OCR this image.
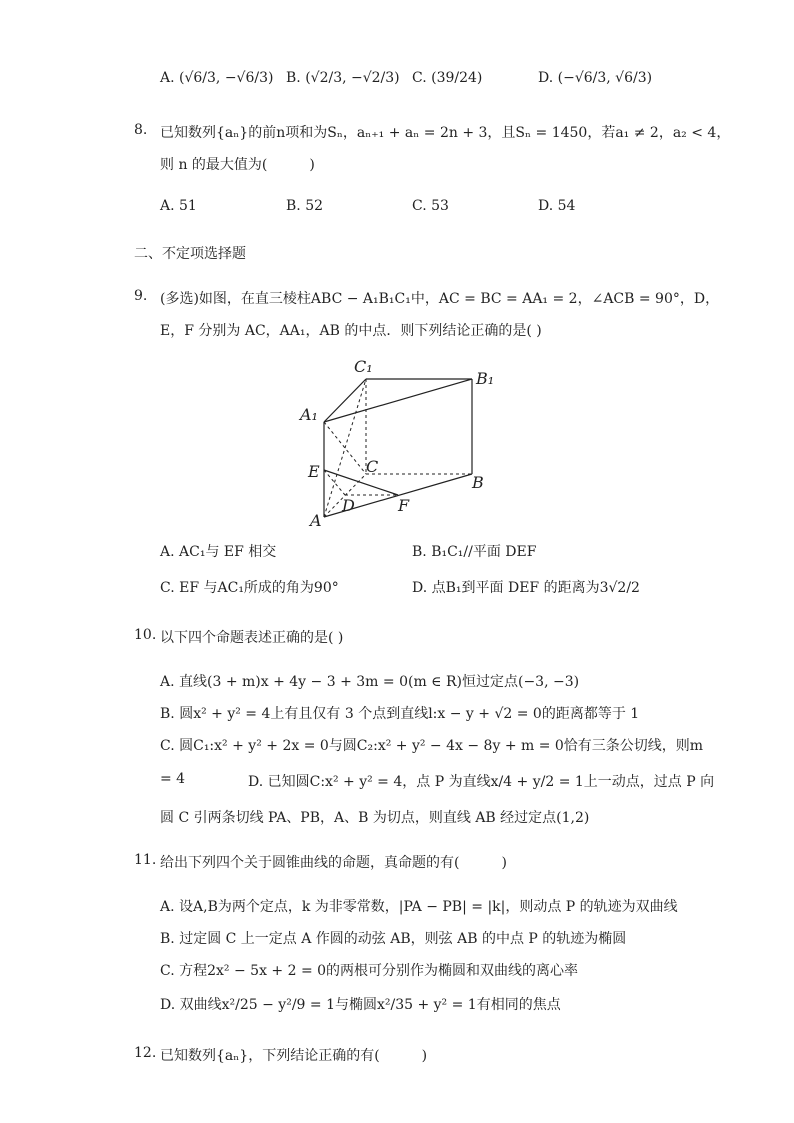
A. (√6/3, −√6/3) B. (√2/3, −√2/3) C. (39/24)	D. (−√6/3, √6/3)
8. 已知数列{aₙ}的前n项和为Sₙ，aₙ₊₁ + aₙ = 2n + 3，且Sₙ = 1450，若a₁ ≠ 2，a₂ < 4，
则 n 的最大值为(　　　)
A. 51	B. 52	C. 53	D. 54
二、不定项选择题
9. (多选)如图，在直三棱柱ABC − A₁B₁C₁中，AC = BC = AA₁ = 2，∠ACB = 90°，D，
E，F 分别为 AC，AA₁，AB 的中点．则下列结论正确的是( )
C₁
B₁
A₁
E	C
B
D	F
A
A. AC₁与 EF 相交	B. B₁C₁//平面 DEF
C. EF 与AC₁所成的角为90°	D. 点B₁到平面 DEF 的距离为3√2/2
10. 以下四个命题表述正确的是( )
A. 直线(3 + m)x + 4y − 3 + 3m = 0(m ∈ R)恒过定点(−3, −3)
B. 圆x² + y² = 4上有且仅有 3 个点到直线l:x − y + √2 = 0的距离都等于 1
C. 圆C₁:x² + y² + 2x = 0与圆C₂:x² + y² − 4x − 8y + m = 0恰有三条公切线，则m
= 4	D. 已知圆C:x² + y² = 4，点 P 为直线x/4 + y/2 = 1上一动点，过点 P 向
圆 C 引两条切线 PA、PB，A、B 为切点，则直线 AB 经过定点(1,2)
11. 给出下列四个关于圆锥曲线的命题，真命题的有(　　　)
A. 设A,B为两个定点，k 为非零常数，|PA − PB| = |k|，则动点 P 的轨迹为双曲线
B. 过定圆 C 上一定点 A 作圆的动弦 AB，则弦 AB 的中点 P 的轨迹为椭圆
C. 方程2x² − 5x + 2 = 0的两根可分别作为椭圆和双曲线的离心率
D. 双曲线x²/25 − y²/9 = 1与椭圆x²/35 + y² = 1有相同的焦点
12. 已知数列{aₙ}，下列结论正确的有(　　　)
